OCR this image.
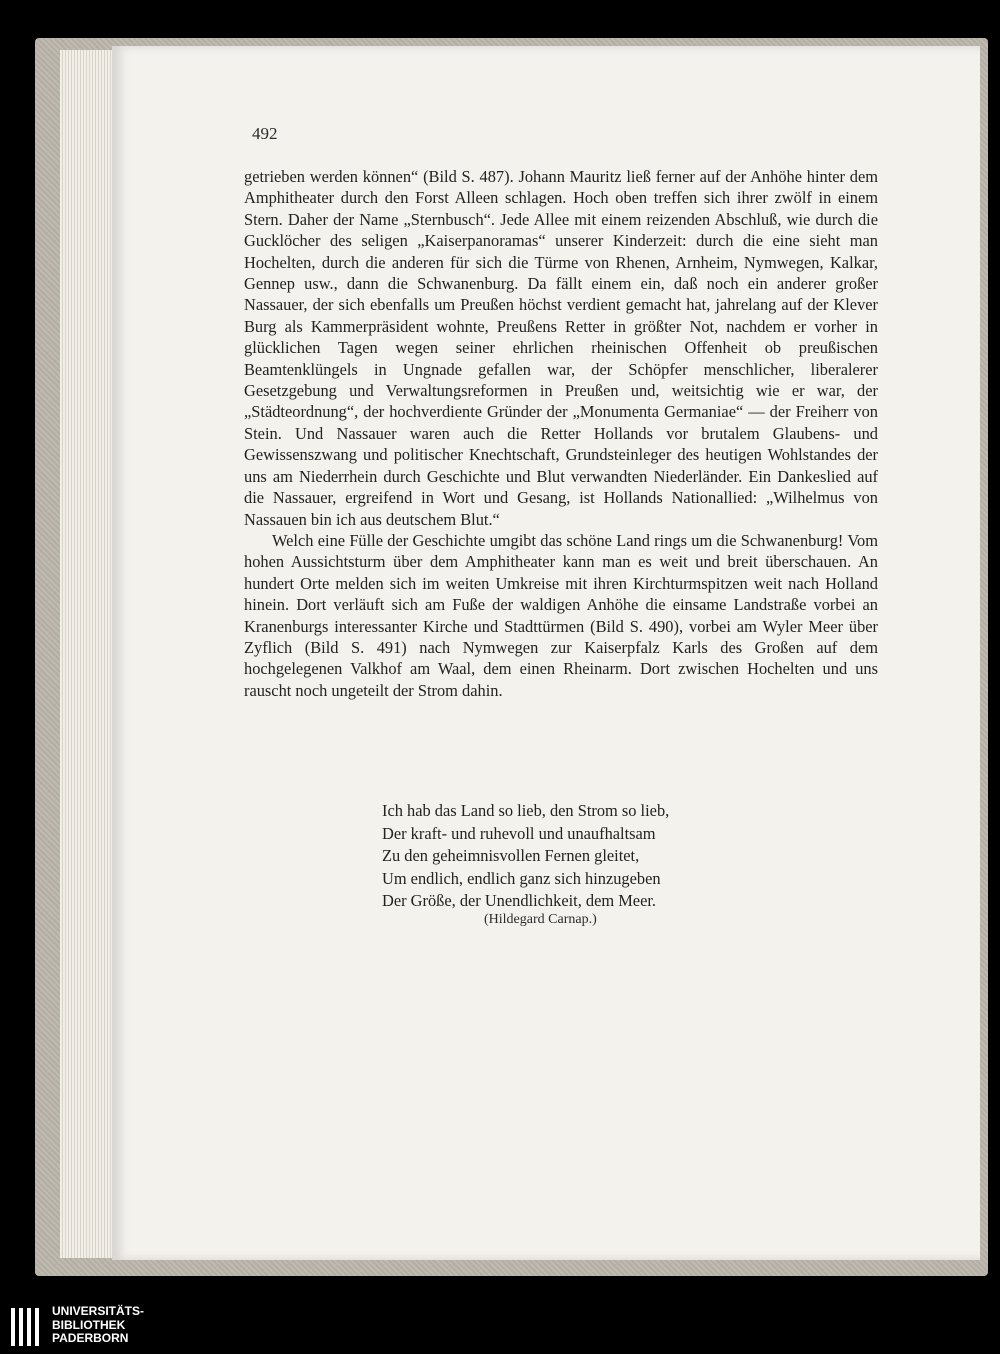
492

getrieben werden können“ (Bild S. 487). Johann Mauritz ließ ferner auf der Anhöhe hinter dem Amphitheater durch den Forst Alleen schlagen. Hoch oben treffen sich ihrer zwölf in einem Stern. Daher der Name „Sternbusch“. Jede Allee mit einem reizenden Abschluß, wie durch die Gucklöcher des seligen „Kaiserpanoramas“ unserer Kinderzeit: durch die eine sieht man Hochelten, durch die anderen für sich die Türme von Rhenen, Arnheim, Nymwegen, Kalkar, Gennep usw., dann die Schwanenburg. Da fällt einem ein, daß noch ein anderer großer Nassauer, der sich ebenfalls um Preußen höchst verdient gemacht hat, jahrelang auf der Klever Burg als Kammerpräsident wohnte, Preußens Retter in größter Not, nachdem er vorher in glücklichen Tagen wegen seiner ehrlichen rheinischen Offenheit ob preußischen Beamtenklüngels in Ungnade gefallen war, der Schöpfer menschlicher, liberalerer Gesetzgebung und Verwaltungsreformen in Preußen und, weitsichtig wie er war, der „Städteordnung“, der hochverdiente Gründer der „Monumenta Germaniae“ — der Freiherr von Stein. Und Nassauer waren auch die Retter Hollands vor brutalem Glaubens- und Gewissenszwang und politischer Knechtschaft, Grundsteinleger des heutigen Wohlstandes der uns am Niederrhein durch Geschichte und Blut verwandten Niederländer. Ein Dankeslied auf die Nassauer, ergreifend in Wort und Gesang, ist Hollands Nationallied: „Wilhelmus von Nassauen bin ich aus deutschem Blut.“

Welch eine Fülle der Geschichte umgibt das schöne Land rings um die Schwanenburg! Vom hohen Aussichtsturm über dem Amphitheater kann man es weit und breit überschauen. An hundert Orte melden sich im weiten Umkreise mit ihren Kirchturmspitzen weit nach Holland hinein. Dort verläuft sich am Fuße der waldigen Anhöhe die einsame Landstraße vorbei an Kranenburgs interessanter Kirche und Stadttürmen (Bild S. 490), vorbei am Wyler Meer über Zyflich (Bild S. 491) nach Nymwegen zur Kaiserpfalz Karls des Großen auf dem hochgelegenen Valkhof am Waal, dem einen Rheinarm. Dort zwischen Hochelten und uns rauscht noch ungeteilt der Strom dahin.

Ich hab das Land so lieb, den Strom so lieb,
Der kraft- und ruhevoll und unaufhaltsam
Zu den geheimnisvollen Fernen gleitet,
Um endlich, endlich ganz sich hinzugeben
Der Größe, der Unendlichkeit, dem Meer.
(Hildegard Carnap.)
UNIVERSITÄTS-
BIBLIOTHEK
PADERBORN
